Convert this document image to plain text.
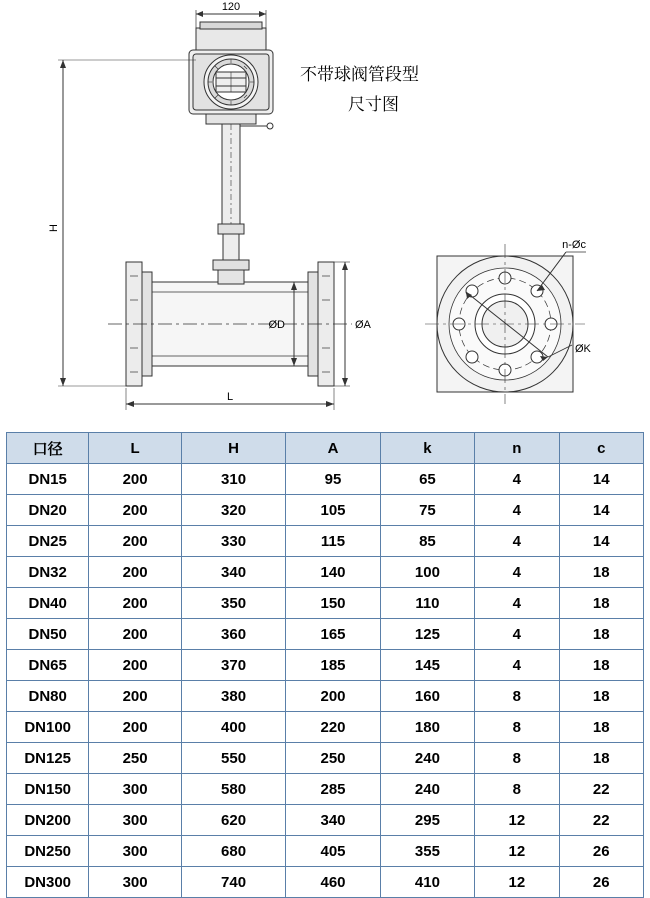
120
H
L
ØD	ØA
n-Øc
ØK
不带球阀管段型
尺寸图
口径	L	H	A	k	n	c
DN15	200	310	95	65	4	14
DN20	200	320	105	75	4	14
DN25	200	330	115	85	4	14
DN32	200	340	140	100	4	18
DN40	200	350	150	110	4	18
DN50	200	360	165	125	4	18
DN65	200	370	185	145	4	18
DN80	200	380	200	160	8	18
DN100	200	400	220	180	8	18
DN125	250	550	250	240	8	18
DN150	300	580	285	240	8	22
DN200	300	620	340	295	12	22
DN250	300	680	405	355	12	26
DN300	300	740	460	410	12	26
